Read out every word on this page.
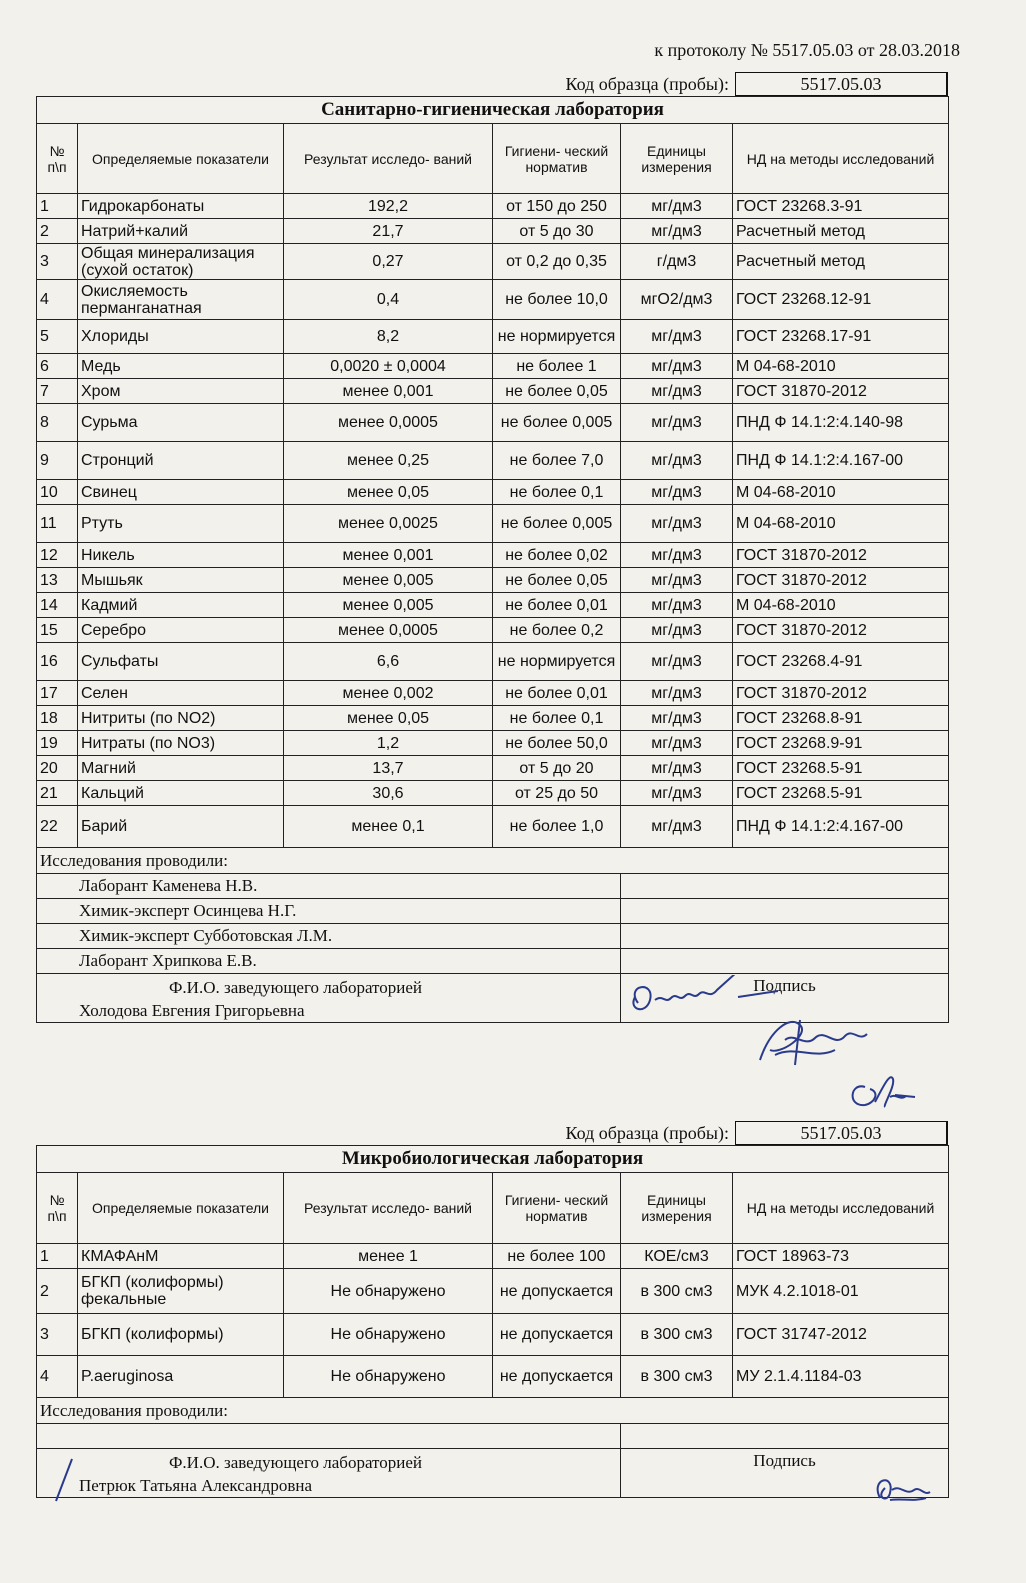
к протоколу № 5517.05.03 от 28.03.2018
Код образца (пробы):	5517.05.03
Санитарно-гигиеническая лаборатория					
№ п\п	Определяемые показатели	Результат исследо- ваний	Гигиени- ческий норматив	Единицы измерения	НД на методы исследований
1	Гидрокарбонаты	192,2	от 150 до 250	мг/дм3	ГОСТ 23268.3-91
2	Натрий+калий	21,7	от 5 до 30	мг/дм3	Расчетный метод
3	Общая минерализация (сухой остаток)	0,27	от 0,2 до 0,35	г/дм3	Расчетный метод
4	Окисляемость перманганатная	0,4	не более 10,0	мгО2/дм3	ГОСТ 23268.12-91
5	Хлориды	8,2	не нормируется	мг/дм3	ГОСТ 23268.17-91
6	Медь	0,0020 ± 0,0004	не более 1	мг/дм3	М 04-68-2010
7	Хром	менее 0,001	не более 0,05	мг/дм3	ГОСТ 31870-2012
8	Сурьма	менее 0,0005	не более 0,005	мг/дм3	ПНД Ф 14.1:2:4.140-98
9	Стронций	менее 0,25	не более 7,0	мг/дм3	ПНД Ф 14.1:2:4.167-00
10	Свинец	менее 0,05	не более 0,1	мг/дм3	М 04-68-2010
11	Ртуть	менее 0,0025	не более 0,005	мг/дм3	М 04-68-2010
12	Никель	менее 0,001	не более 0,02	мг/дм3	ГОСТ 31870-2012
13	Мышьяк	менее 0,005	не более 0,05	мг/дм3	ГОСТ 31870-2012
14	Кадмий	менее 0,005	не более 0,01	мг/дм3	М 04-68-2010
15	Серебро	менее 0,0005	не более 0,2	мг/дм3	ГОСТ 31870-2012
16	Сульфаты	6,6	не нормируется	мг/дм3	ГОСТ 23268.4-91
17	Селен	менее 0,002	не более 0,01	мг/дм3	ГОСТ 31870-2012
18	Нитриты (по NO2)	менее 0,05	не более 0,1	мг/дм3	ГОСТ 23268.8-91
19	Нитраты (по NO3)	1,2	не более 50,0	мг/дм3	ГОСТ 23268.9-91
20	Магний	13,7	от 5 до 20	мг/дм3	ГОСТ 23268.5-91
21	Кальций	30,6	от 25 до 50	мг/дм3	ГОСТ 23268.5-91
22	Барий	менее 0,1	не более 1,0	мг/дм3	ПНД Ф 14.1:2:4.167-00
Исследования проводили:					
Лаборант Каменева Н.В.					
Химик-эксперт Осинцева Н.Г.					
Химик-эксперт Субботовская Л.М.					
Лаборант Хрипкова Е.В.					

Ф.И.О. заведующего лабораторией
Холодова Евгения Григорьевна				Подпись	
Код образца (пробы):	5517.05.03
Микробиологическая лаборатория					
№ п\п	Определяемые показатели	Результат исследо- ваний	Гигиени- ческий норматив	Единицы измерения	НД на методы исследований
1	КМАФАнМ	менее 1	не более 100	КОЕ/см3	ГОСТ 18963-73
2	БГКП (колиформы) фекальные	Не обнаружено	не допускается	в 300 см3	МУК 4.2.1018-01
3	БГКП (колиформы)	Не обнаружено	не допускается	в 300 см3	ГОСТ 31747-2012
4	P.aeruginosa	Не обнаружено	не допускается	в 300 см3	МУ 2.1.4.1184-03
Исследования проводили:					

Ф.И.О. заведующего лабораторией
Петрюк Татьяна Александровна				Подпись	
